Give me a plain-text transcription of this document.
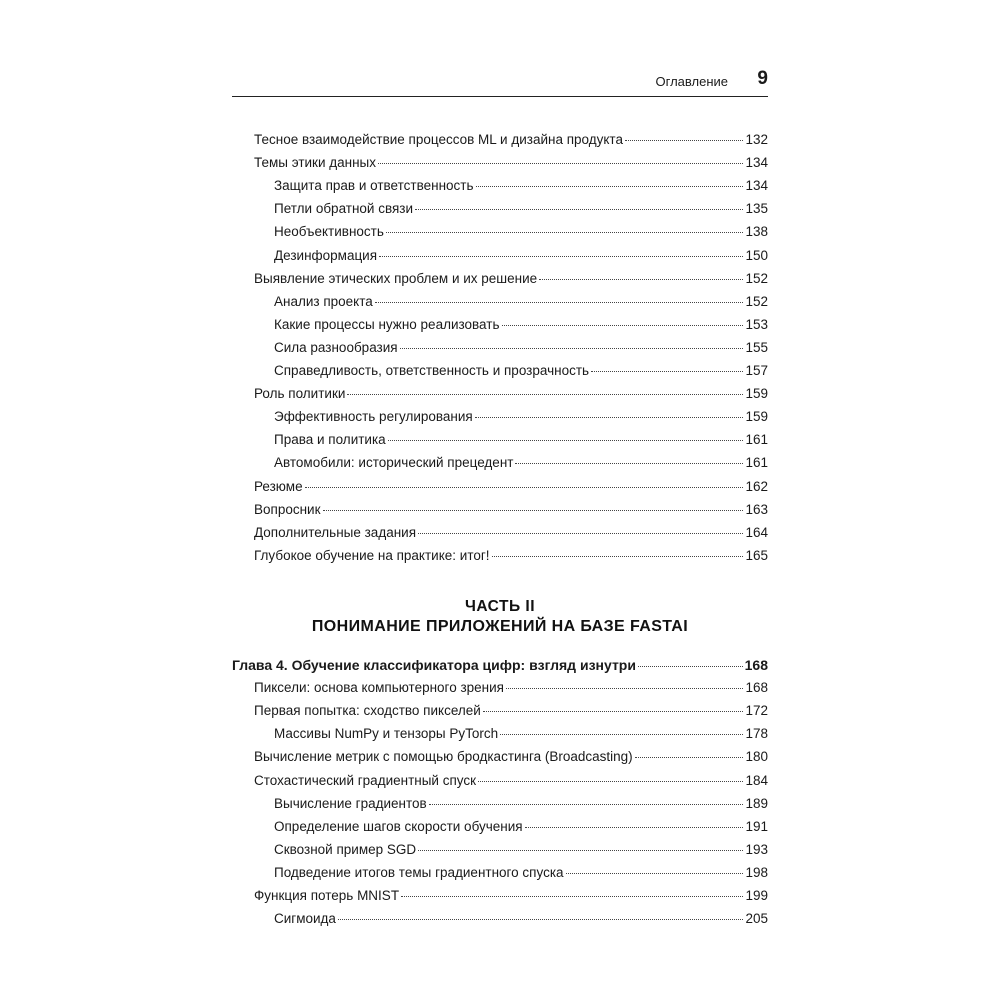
Оглавление 9
Тесное взаимодействие процессов ML и дизайна продукта	132
Темы этики данных	134
Защита прав и ответственность	134
Петли обратной связи	135
Необъективность	138
Дезинформация	150
Выявление этических проблем и их решение	152
Анализ проекта	152
Какие процессы нужно реализовать	153
Сила разнообразия	155
Справедливость, ответственность и прозрачность	157
Роль политики	159
Эффективность регулирования	159
Права и политика	161
Автомобили: исторический прецедент	161
Резюме	162
Вопросник	163
Дополнительные задания	164
Глубокое обучение на практике: итог!	165
ЧАСТЬ II
ПОНИМАНИЕ ПРИЛОЖЕНИЙ НА БАЗЕ FASTAI
Глава 4. Обучение классификатора цифр: взгляд изнутри	168
Пиксели: основа компьютерного зрения	168
Первая попытка: сходство пикселей	172
Массивы NumPy и тензоры PyTorch	178
Вычисление метрик с помощью бродкастинга (Broadcasting)	180
Стохастический градиентный спуск	184
Вычисление градиентов	189
Определение шагов скорости обучения	191
Сквозной пример SGD	193
Подведение итогов темы градиентного спуска	198
Функция потерь MNIST	199
Сигмоида	205
